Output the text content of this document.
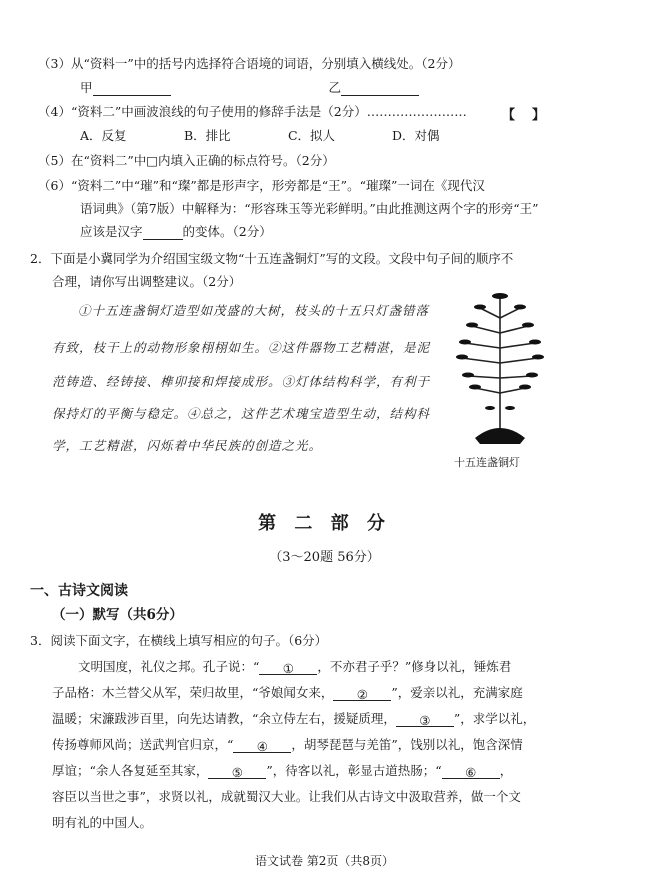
（3）从“资料一”中的括号内选择符合语境的词语，分别填入横线处。（2分）
甲	乙
（4）“资料二”中画波浪线的句子使用的修辞手法是（2分）……………………	【 】
A．反复	B．排比	C．拟人	D．对偶
（5）在“资料二”中□内填入正确的标点符号。（2分）
（6）“资料二”中“璀”和“璨”都是形声字，形旁都是“王”。“璀璨”一词在《现代汉
语词典》（第7版）中解释为：“形容珠玉等光彩鲜明。”由此推测这两个字的形旁“王”
应该是汉字	的变体。（2分）
2．下面是小冀同学为介绍国宝级文物“十五连盏铜灯”写的文段。文段中句子间的顺序不
合理，请你写出调整建议。（2分）
①十五连盏铜灯造型如茂盛的大树，枝头的十五只灯盏错落
有致，枝干上的动物形象栩栩如生。②这件器物工艺精湛，是泥
范铸造、经铸接、榫卯接和焊接成形。③灯体结构科学，有利于
保持灯的平衡与稳定。④总之，这件艺术瑰宝造型生动，结构科
学，工艺精湛，闪烁着中华民族的创造之光。
十五连盏铜灯
第 二 部 分
（3～20题 56分）
一、古诗文阅读
（一）默写（共6分）
3．阅读下面文字，在横线上填写相应的句子。（6分）
文明国度，礼仪之邦。孔子说：“ ① ，不亦君子乎？”修身以礼，锤炼君
子品格：木兰替父从军，荣归故里，“爷娘闻女来， ② ”，爱亲以礼，充满家庭
温暖；宋濂跋涉百里，向先达请教，“余立侍左右，援疑质理， ③ ”，求学以礼，
传扬尊师风尚；送武判官归京，“ ④ ，胡琴琵琶与羌笛”，饯别以礼，饱含深情
厚谊；“余人各复延至其家， ⑤ ”，待客以礼，彰显古道热肠；“ ⑥ ，
容臣以当世之事”，求贤以礼，成就蜀汉大业。让我们从古诗文中汲取营养，做一个文
明有礼的中国人。
语文试卷 第2页（共8页）
